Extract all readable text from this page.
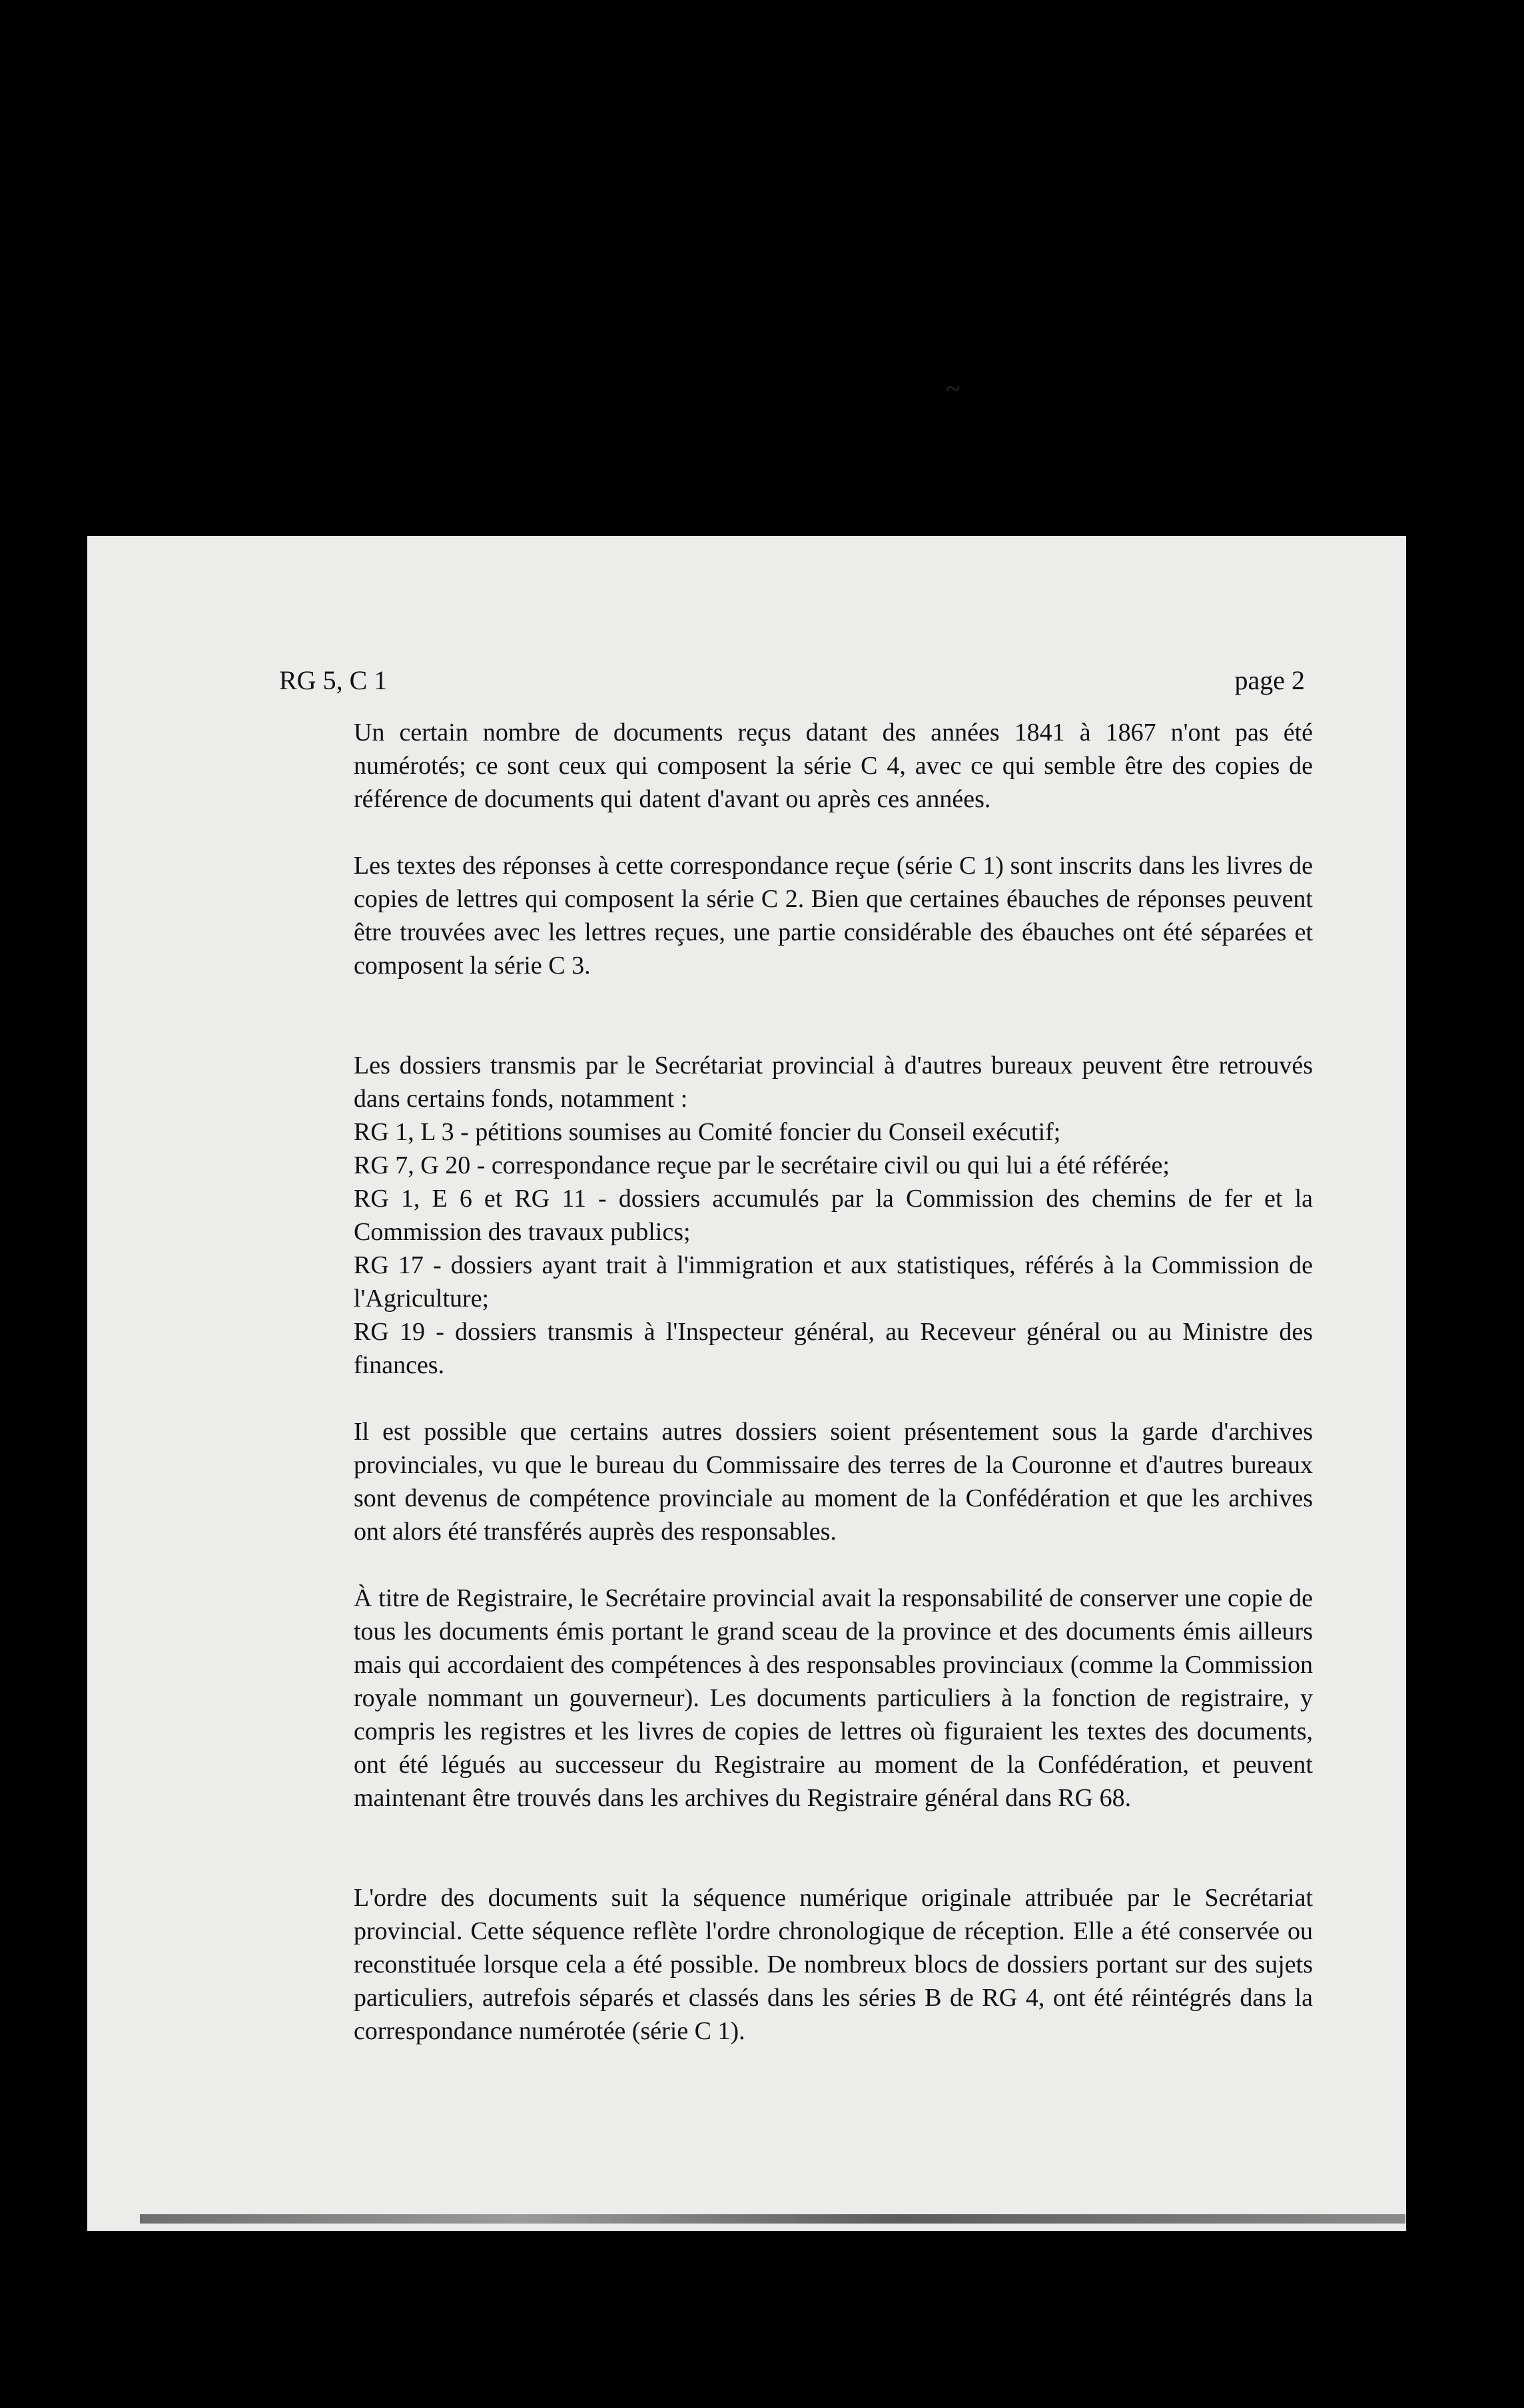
~
RG 5, C 1	page 2

Un certain nombre de documents reçus datant des années 1841 à 1867 n'ont pas été numérotés; ce sont ceux qui composent la série C 4, avec ce qui semble être des copies de référence de documents qui datent d'avant ou après ces années.

Les textes des réponses à cette correspondance reçue (série C 1) sont inscrits dans les livres de copies de lettres qui composent la série C 2. Bien que certaines ébauches de réponses peuvent être trouvées avec les lettres reçues, une partie considérable des ébauches ont été séparées et composent la série C 3.

Les dossiers transmis par le Secrétariat provincial à d'autres bureaux peuvent être retrouvés dans certains fonds, notamment :
RG 1, L 3 - pétitions soumises au Comité foncier du Conseil exécutif;
RG 7, G 20 - correspondance reçue par le secrétaire civil ou qui lui a été référée;
RG 1, E 6 et RG 11 - dossiers accumulés par la Commission des chemins de fer et la Commission des travaux publics;
RG 17 - dossiers ayant trait à l'immigration et aux statistiques, référés à la Commission de l'Agriculture;
RG 19 - dossiers transmis à l'Inspecteur général, au Receveur général ou au Ministre des finances.

Il est possible que certains autres dossiers soient présentement sous la garde d'archives provinciales, vu que le bureau du Commissaire des terres de la Couronne et d'autres bureaux sont devenus de compétence provinciale au moment de la Confédération et que les archives ont alors été transférés auprès des responsables.

À titre de Registraire, le Secrétaire provincial avait la responsabilité de conserver une copie de tous les documents émis portant le grand sceau de la province et des documents émis ailleurs mais qui accordaient des compétences à des responsables provinciaux (comme la Commission royale nommant un gouverneur). Les documents particuliers à la fonction de registraire, y compris les registres et les livres de copies de lettres où figuraient les textes des documents, ont été légués au successeur du Registraire au moment de la Confédération, et peuvent maintenant être trouvés dans les archives du Registraire général dans RG 68.

L'ordre des documents suit la séquence numérique originale attribuée par le Secrétariat provincial. Cette séquence reflète l'ordre chronologique de réception. Elle a été conservée ou reconstituée lorsque cela a été possible. De nombreux blocs de dossiers portant sur des sujets particuliers, autrefois séparés et classés dans les séries B de RG 4, ont été réintégrés dans la correspondance numérotée (série C 1).
